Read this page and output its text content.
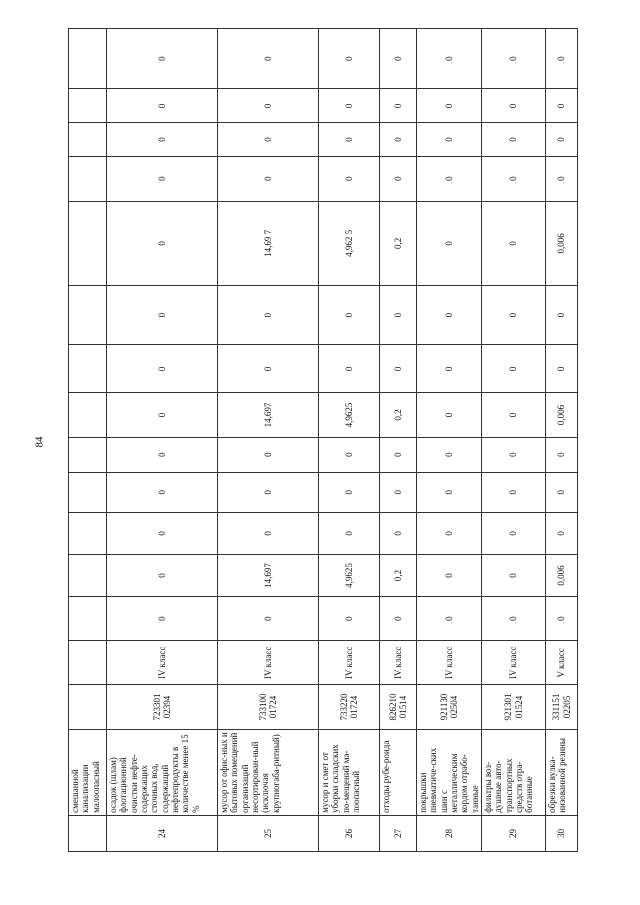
84
	смешанной канализации малоопасный															
24	осадок (шлам) флотационной очистки нефте-содержащих сточных вод, содержащий нефтепродукты в количестве менее 15 %	723301 02394	IV класс	0	0	0	0	0	0	0	0	0	0	0	0	0
25	мусор от офис-ных и бытовых помещений организаций несортирован-ный (исключая крупногаба-ритный)	733100 01724	IV класс	0	14,697	0	0	0	14,697	0	0	14,69 7	0	0	0	0
26	мусор и смет от уборки складских по-мещений ма-лоопасный	733220 01724	IV класс	0	4,9625	0	0	0	4,9625	0	0	4,962 5	0	0	0	0
27	отходы рубе-роида	826210 01514	IV класс	0	0,2	0	0	0	0,2	0	0	0,2	0	0	0	0
28	покрышки пневматиче-ских шин с металлическим кордом отрабо-танные	921130 02504	IV класс	0	0	0	0	0	0	0	0	0	0	0	0	0
29	фильтры воз-душные авто-транспортных средств отра-ботанные	921301 01524	IV класс	0	0	0	0	0	0	0	0	0	0	0	0	0
30	обрезки вулка-низованной резины	331151 02205	V класс	0	0,006	0	0	0	0,006	0	0	0,006	0	0	0	0
